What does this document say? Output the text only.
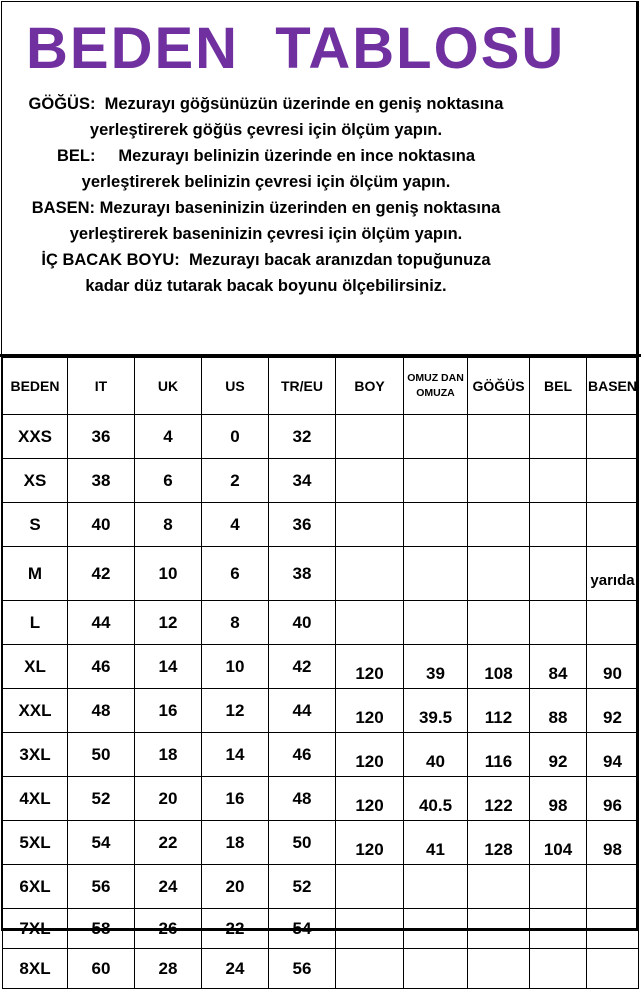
BEDEN  TABLOSU
GÖĞÜS:  Mezurayı göğsünüzün üzerinde en geniş noktasına
yerleştirerek göğüs çevresi için ölçüm yapın.
BEL:     Mezurayı belinizin üzerinde en ince noktasına
yerleştirerek belinizin çevresi için ölçüm yapın.
BASEN: Mezurayı baseninizin üzerinden en geniş noktasına
yerleştirerek baseninizin çevresi için ölçüm yapın.
İÇ BACAK BOYU:  Mezurayı bacak aranızdan topuğunuza
kadar düz tutarak bacak boyunu ölçebilirsiniz.
BEDEN	IT	UK	US	TR/EU	BOY	OMUZ DAN OMUZA	GÖĞÜS	BEL	BASEN
XXS	36	4	0	32					
XS	38	6	2	34					
S	40	8	4	36					
M	42	10	6	38					yarıda
L	44	12	8	40					
XL	46	14	10	42	120	39	108	84	90
XXL	48	16	12	44	120	39.5	112	88	92
3XL	50	18	14	46	120	40	116	92	94
4XL	52	20	16	48	120	40.5	122	98	96
5XL	54	22	18	50	120	41	128	104	98
6XL	56	24	20	52					
7XL	58	26	22	54					
8XL	60	28	24	56					
